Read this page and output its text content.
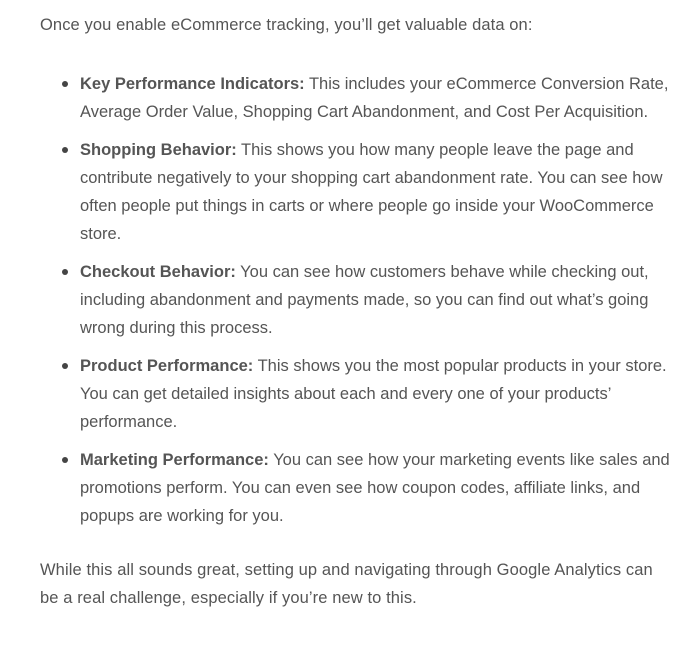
Once you enable eCommerce tracking, you’ll get valuable data on:

Key Performance Indicators: This includes your eCommerce Conversion Rate, Average Order Value, Shopping Cart Abandonment, and Cost Per Acquisition.
Shopping Behavior: This shows you how many people leave the page and contribute negatively to your shopping cart abandonment rate. You can see how often people put things in carts or where people go inside your WooCommerce store.
Checkout Behavior: You can see how customers behave while checking out, including abandonment and payments made, so you can find out what’s going wrong during this process.
Product Performance: This shows you the most popular products in your store. You can get detailed insights about each and every one of your products’ performance.
Marketing Performance: You can see how your marketing events like sales and promotions perform. You can even see how coupon codes, affiliate links, and popups are working for you.

While this all sounds great, setting up and navigating through Google Analytics can be a real challenge, especially if you’re new to this.
